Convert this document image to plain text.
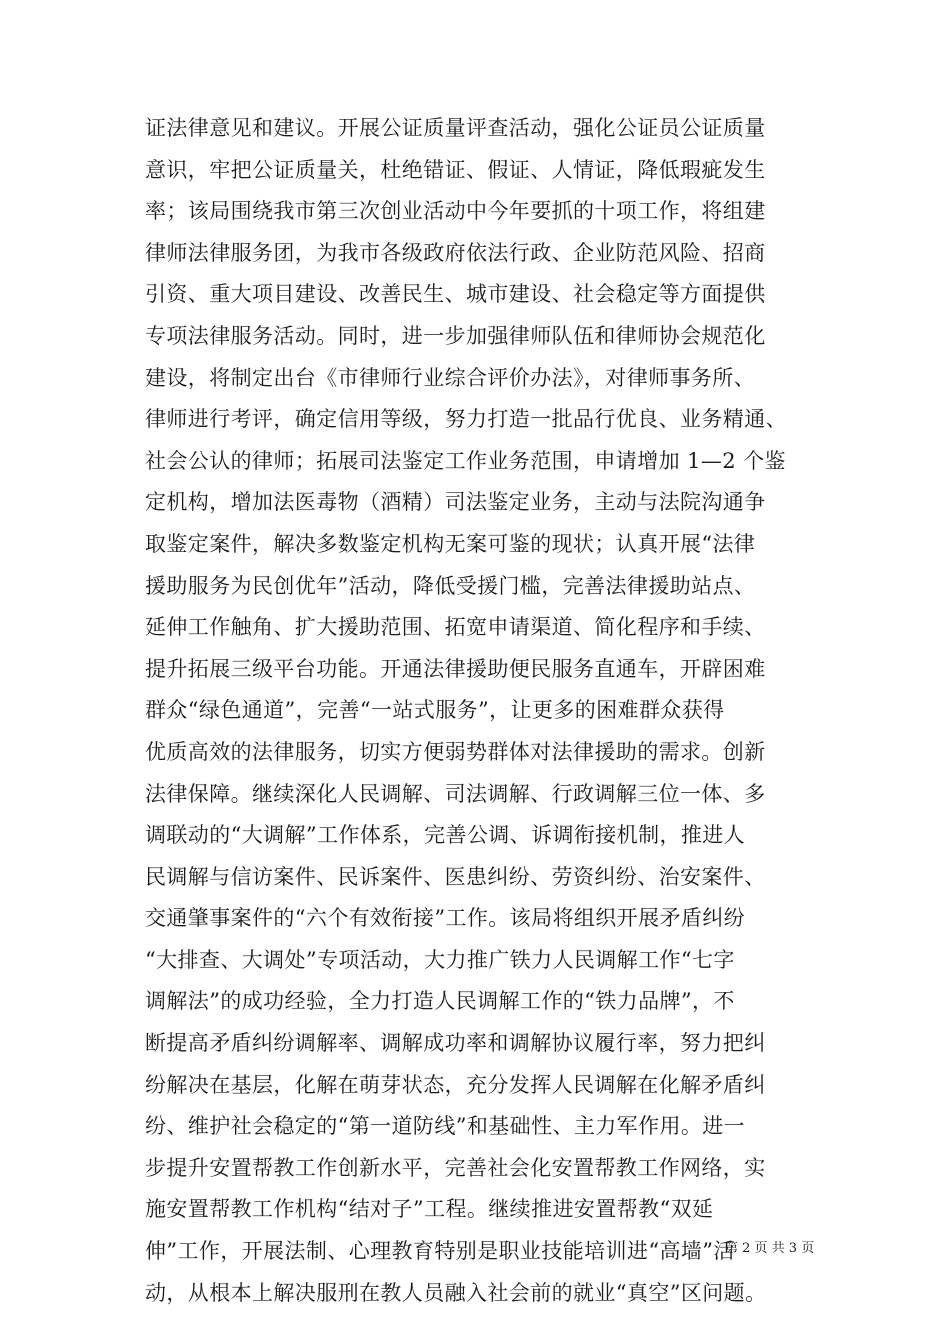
证法律意见和建议。开展公证质量评查活动，强化公证员公证质量
意识，牢把公证质量关，杜绝错证、假证、人情证，降低瑕疵发生
率；该局围绕我市第三次创业活动中今年要抓的十项工作，将组建
律师法律服务团，为我市各级政府依法行政、企业防范风险、招商
引资、重大项目建设、改善民生、城市建设、社会稳定等方面提供
专项法律服务活动。同时，进一步加强律师队伍和律师协会规范化
建设，将制定出台《市律师行业综合评价办法》，对律师事务所、
律师进行考评，确定信用等级，努力打造一批品行优良、业务精通、
社会公认的律师；拓展司法鉴定工作业务范围，申请增加 1—2 个鉴
定机构，增加法医毒物（酒精）司法鉴定业务，主动与法院沟通争
取鉴定案件，解决多数鉴定机构无案可鉴的现状；认真开展“法律
援助服务为民创优年”活动，降低受援门槛，完善法律援助站点、
延伸工作触角、扩大援助范围、拓宽申请渠道、简化程序和手续、
提升拓展三级平台功能。开通法律援助便民服务直通车，开辟困难
群众“绿色通道”，完善“一站式服务”，让更多的困难群众获得
优质高效的法律服务，切实方便弱势群体对法律援助的需求。创新
法律保障。继续深化人民调解、司法调解、行政调解三位一体、多
调联动的“大调解”工作体系，完善公调、诉调衔接机制，推进人
民调解与信访案件、民诉案件、医患纠纷、劳资纠纷、治安案件、
交通肇事案件的“六个有效衔接”工作。该局将组织开展矛盾纠纷
“大排查、大调处”专项活动，大力推广铁力人民调解工作“七字
调解法”的成功经验，全力打造人民调解工作的“铁力品牌”，不
断提高矛盾纠纷调解率、调解成功率和调解协议履行率，努力把纠
纷解决在基层，化解在萌芽状态，充分发挥人民调解在化解矛盾纠
纷、维护社会稳定的“第一道防线”和基础性、主力军作用。进一
步提升安置帮教工作创新水平，完善社会化安置帮教工作网络，实
施安置帮教工作机构“结对子”工程。继续推进安置帮教“双延
伸”工作，开展法制、心理教育特别是职业技能培训进“高墙”活
动，从根本上解决服刑在教人员融入社会前的就业“真空”区问题。
第 2 页 共 3 页
